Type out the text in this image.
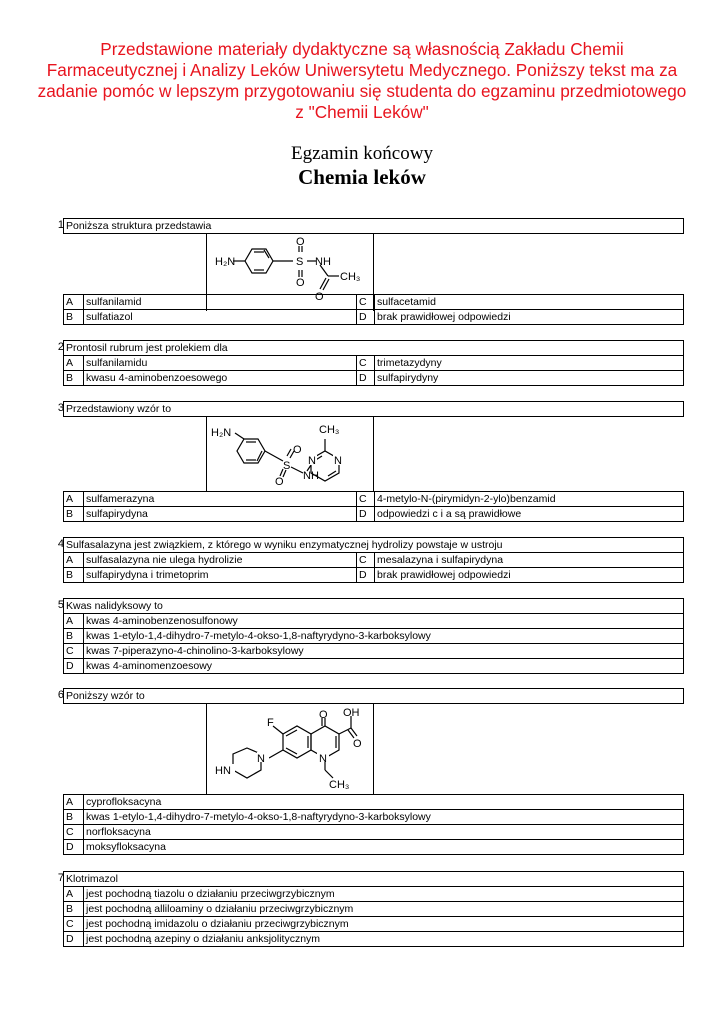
Przedstawione materiały dydaktyczne są własnością Zakładu Chemii
Farmaceutycznej i Analizy Leków Uniwersytetu Medycznego. Poniższy tekst ma za
zadanie pomóc w lepszym przygotowaniu się studenta do egzaminu przedmiotowego
z "Chemii Leków"
Egzamin końcowy
Chemia leków
1 Poniższa struktura przedstawia
H₂N	S
O
O
NH
CH₃
O
A	sulfanilamid	C sulfacetamid
B	sulfatiazol	D brak prawidłowej odpowiedzi
2 Prontosil rubrum jest prolekiem dla
A	sulfanilamidu	C trimetazydyny
B	kwasu 4-aminobenzoesowego	D sulfapirydyny
3 Przedstawiony wzór to
H₂N	CH₃
S
O
O
N N
NH
A	sulfamerazyna	C 4-metylo-N-(pirymidyn-2-ylo)benzamid
B	sulfapirydyna	D odpowiedzi c i a są prawidłowe
4 Sulfasalazyna jest związkiem, z którego w wyniku enzymatycznej hydrolizy powstaje w ustroju
A	sulfasalazyna nie ulega hydrolizie	C mesalazyna i sulfapirydyna
B	sulfapirydyna i trimetoprim	D brak prawidłowej odpowiedzi
5 Kwas nalidyksowy to
A	kwas 4-aminobenzenosulfonowy
B	kwas 1-etylo-1,4-dihydro-7-metylo-4-okso-1,8-naftyrydyno-3-karboksylowy
C	kwas 7-piperazyno-4-chinolino-3-karboksylowy
D	kwas 4-aminomenzoesowy
6 Poniższy wzór to
F
O OH
O
HN
N	N
CH₃
A	cyprofloksacyna
B	kwas 1-etylo-1,4-dihydro-7-metylo-4-okso-1,8-naftyrydyno-3-karboksylowy
C	norfloksacyna
D	moksyfloksacyna
7 Klotrimazol
A	jest pochodną tiazolu o działaniu przeciwgrzybicznym
B	jest pochodną alliloaminy o działaniu przeciwgrzybicznym
C	jest pochodną imidazolu o działaniu przeciwgrzybicznym
D	jest pochodną azepiny o działaniu anksjolitycznym
